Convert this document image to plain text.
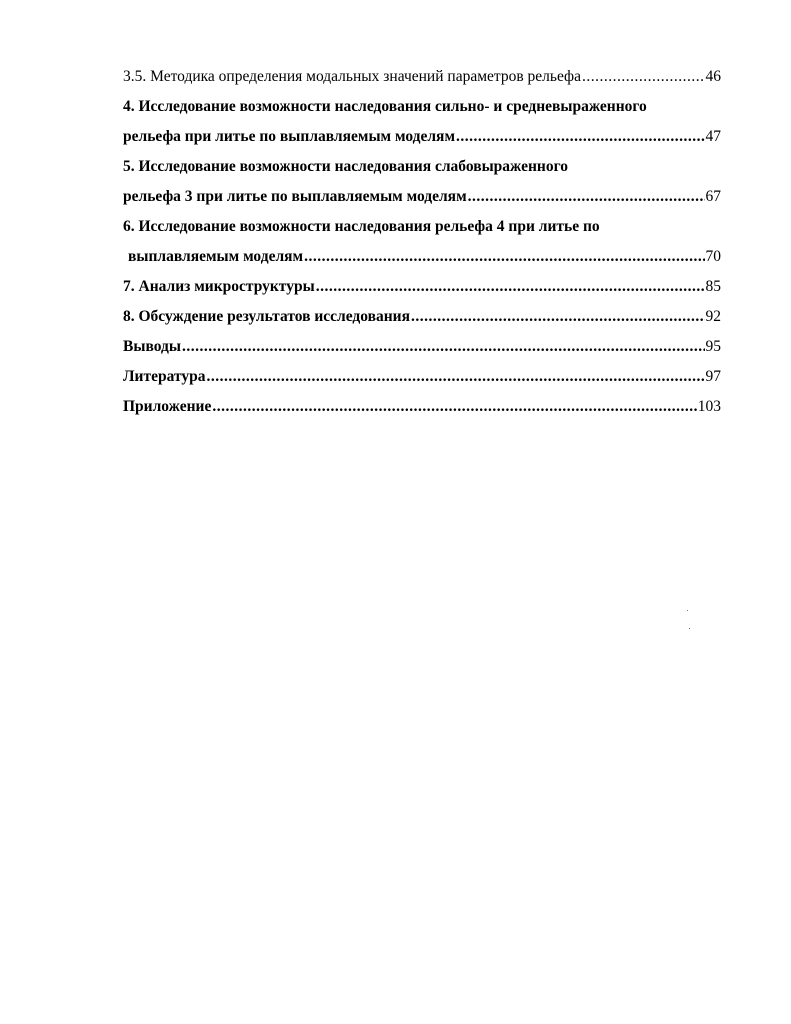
3.5. Методика определения модальных значений параметров рельефа .....	46
4. Исследование возможности наследования сильно- и средневыраженного
рельефа при литье по выплавляемым моделям .....	47
5. Исследование возможности наследования слабовыраженного
рельефа 3 при литье по выплавляемым моделям .....	67
6. Исследование возможности наследования рельефа 4 при литье по
выплавляемым моделям .....	70
7. Анализ микроструктуры .....	85
8. Обсуждение результатов исследования .....	92
Выводы .....	95
Литература .....	97
Приложение .....	103
